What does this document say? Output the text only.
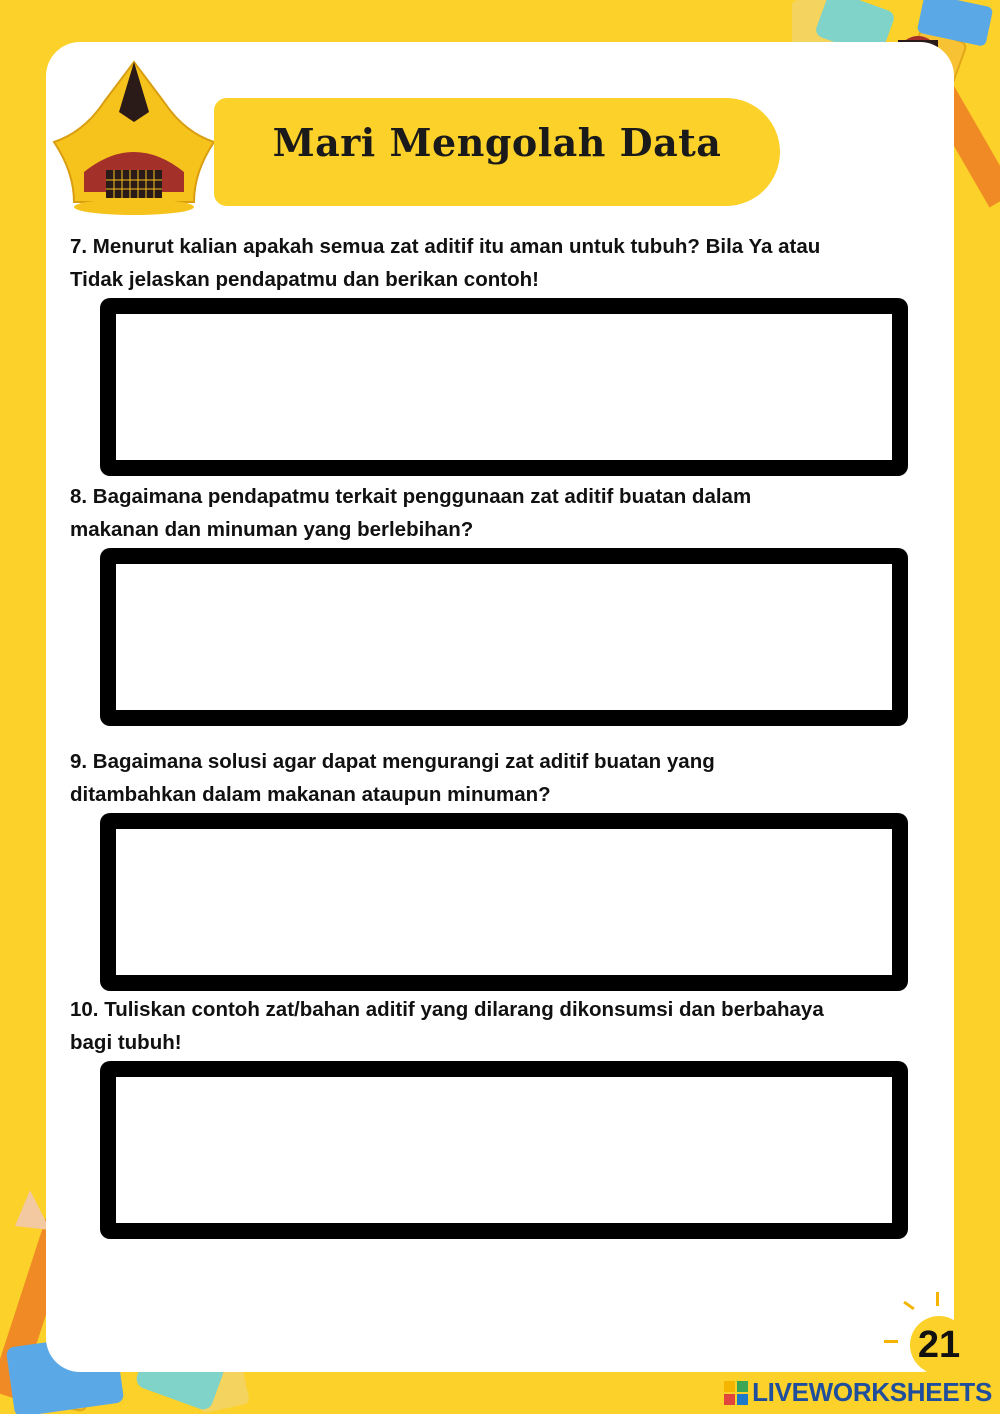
Mari Mengolah Data
7. Menurut kalian apakah semua zat aditif itu aman untuk tubuh? Bila Ya atau
Tidak jelaskan pendapatmu dan berikan contoh!
8. Bagaimana pendapatmu terkait penggunaan zat aditif buatan dalam
makanan dan minuman yang berlebihan?
9. Bagaimana solusi agar dapat mengurangi zat aditif buatan yang
ditambahkan dalam makanan ataupun minuman?
10. Tuliskan contoh zat/bahan aditif yang dilarang dikonsumsi dan berbahaya
bagi tubuh!
21
LIVEWORKSHEETS
